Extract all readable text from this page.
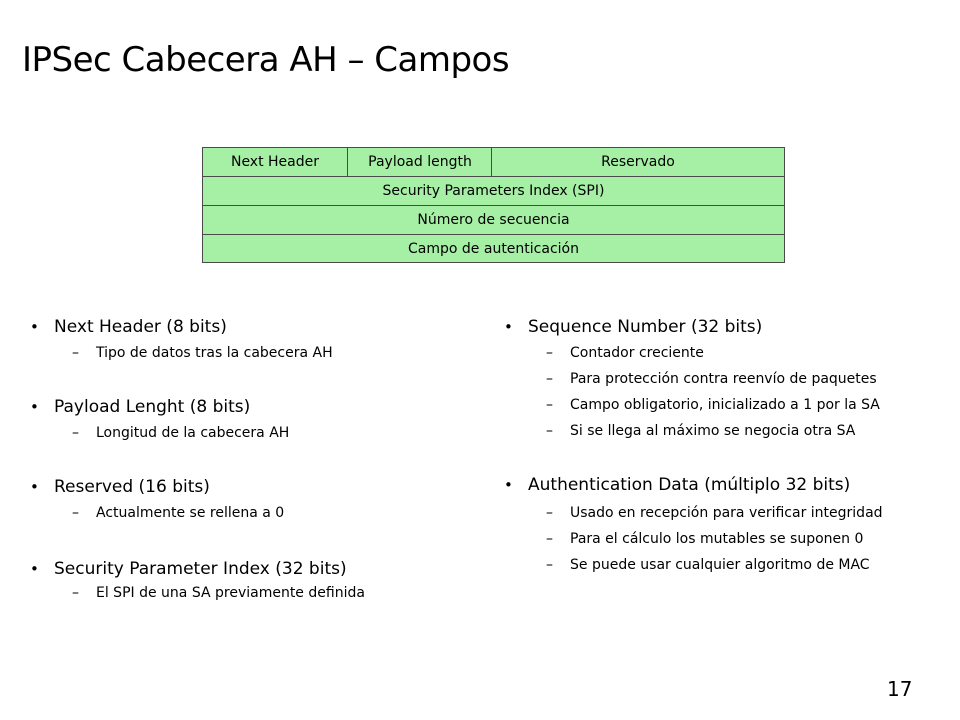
IPSec Cabecera AH – Campos
Next Header	Payload length	Reservado
Security Parameters Index (SPI)
Número de secuencia
Campo de autenticación
• Next Header (8 bits)
– Tipo de datos tras la cabecera AH
• Payload Lenght (8 bits)
– Longitud de la cabecera AH
• Reserved (16 bits)
– Actualmente se rellena a 0
• Security Parameter Index (32 bits)
– El SPI de una SA previamente definida
• Sequence Number (32 bits)
– Contador creciente
– Para protección contra reenvío de paquetes
– Campo obligatorio, inicializado a 1 por la SA
– Si se llega al máximo se negocia otra SA
• Authentication Data (múltiplo 32 bits)
– Usado en recepción para verificar integridad
– Para el cálculo los mutables se suponen 0
– Se puede usar cualquier algoritmo de MAC
17
